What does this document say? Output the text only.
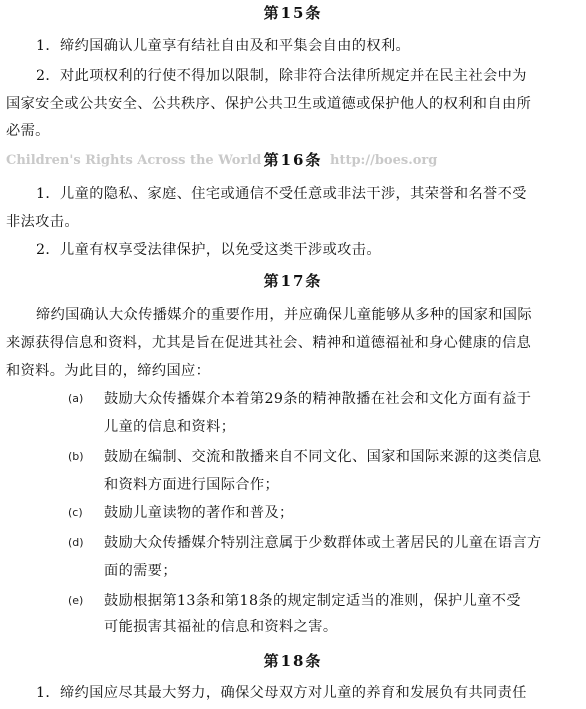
第15条
1．缔约国确认儿童享有结社自由及和平集会自由的权利。
2．对此项权利的行使不得加以限制，除非符合法律所规定并在民主社会中为
国家安全或公共安全、公共秩序、保护公共卫生或道德或保护他人的权利和自由所
必需。
Children's Rights Across the World 第16条 http://boes.org
1．儿童的隐私、家庭、住宅或通信不受任意或非法干涉，其荣誉和名誉不受
非法攻击。
2．儿童有权享受法律保护，以免受这类干涉或攻击。
第17条
缔约国确认大众传播媒介的重要作用，并应确保儿童能够从多种的国家和国际
来源获得信息和资料，尤其是旨在促进其社会、精神和道德福祉和身心健康的信息
和资料。为此目的，缔约国应：
(a) 鼓励大众传播媒介本着第29条的精神散播在社会和文化方面有益于
儿童的信息和资料；
(b) 鼓励在编制、交流和散播来自不同文化、国家和国际来源的这类信息
和资料方面进行国际合作；
(c) 鼓励儿童读物的著作和普及；
(d) 鼓励大众传播媒介特别注意属于少数群体或土著居民的儿童在语言方
面的需要；
(e) 鼓励根据第13条和第18条的规定制定适当的准则，保护儿童不受
可能损害其福祉的信息和资料之害。
第18条
1．缔约国应尽其最大努力，确保父母双方对儿童的养育和发展负有共同责任
